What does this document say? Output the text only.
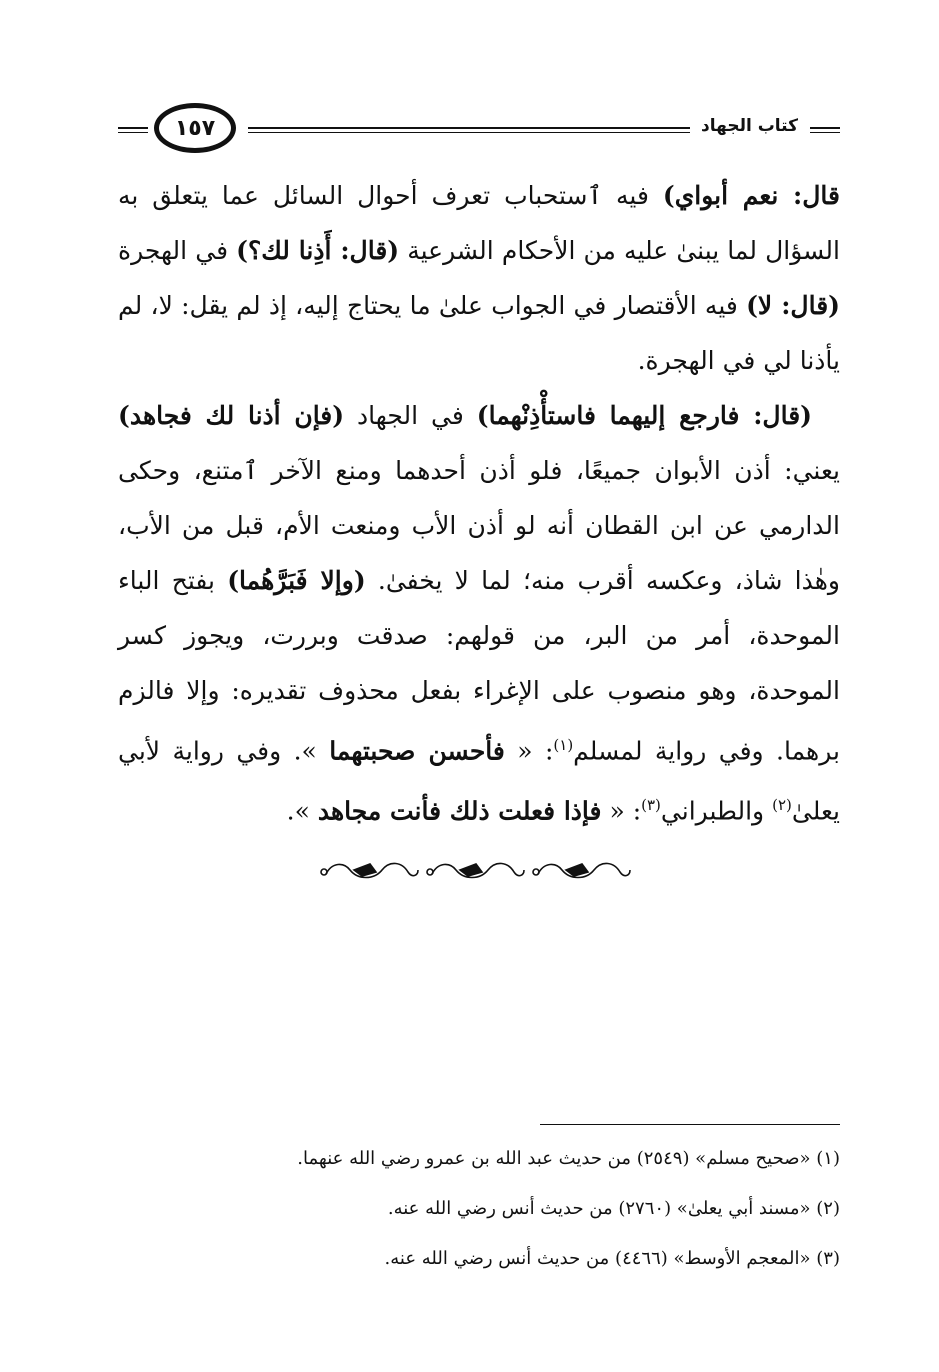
كتاب الجهاد
١٥٧

قال: نعم أبواي) فيه ٱستحباب تعرف أحوال السائل عما يتعلق به السؤال لما يبنىٰ عليه من الأحكام الشرعية (قال: أَذِنا لك؟) في الهجرة (قال: لا) فيه الأقتصار في الجواب علىٰ ما يحتاج إليه، إذ لم يقل: لا، لم يأذنا لي في الهجرة.

(قال: فارجع إليهما فاستأْذِنْهما) في الجهاد (فإن أذنا لك فجاهد) يعني: أذن الأبوان جميعًا، فلو أذن أحدهما ومنع الآخر ٱمتنع، وحكى الدارمي عن ابن القطان أنه لو أذن الأب ومنعت الأم، قبل من الأب، وهٰذا شاذ، وعكسه أقرب منه؛ لما لا يخفىٰ. (وإلا فَبَرَّهُما) بفتح الباء الموحدة، أمر من البر، من قولهم: صدقت وبررت، ويجوز كسر الموحدة، وهو منصوب على الإغراء بفعل محذوف تقديره: وإلا فالزم برهما. وفي رواية لمسلم$^{(١)}$: « فأحسن صحبتهما ». وفي رواية لأبي يعلىٰ$^{(٢)}$ والطبراني$^{(٣)}$: « فإذا فعلت ذلك فأنت مجاهد ».

(١) «صحيح مسلم» (٢٥٤٩) من حديث عبد الله بن عمرو رضي الله عنهما.
(٢) «مسند أبي يعلىٰ» (٢٧٦٠) من حديث أنس رضي الله عنه.
(٣) «المعجم الأوسط» (٤٤٦٦) من حديث أنس رضي الله عنه.
